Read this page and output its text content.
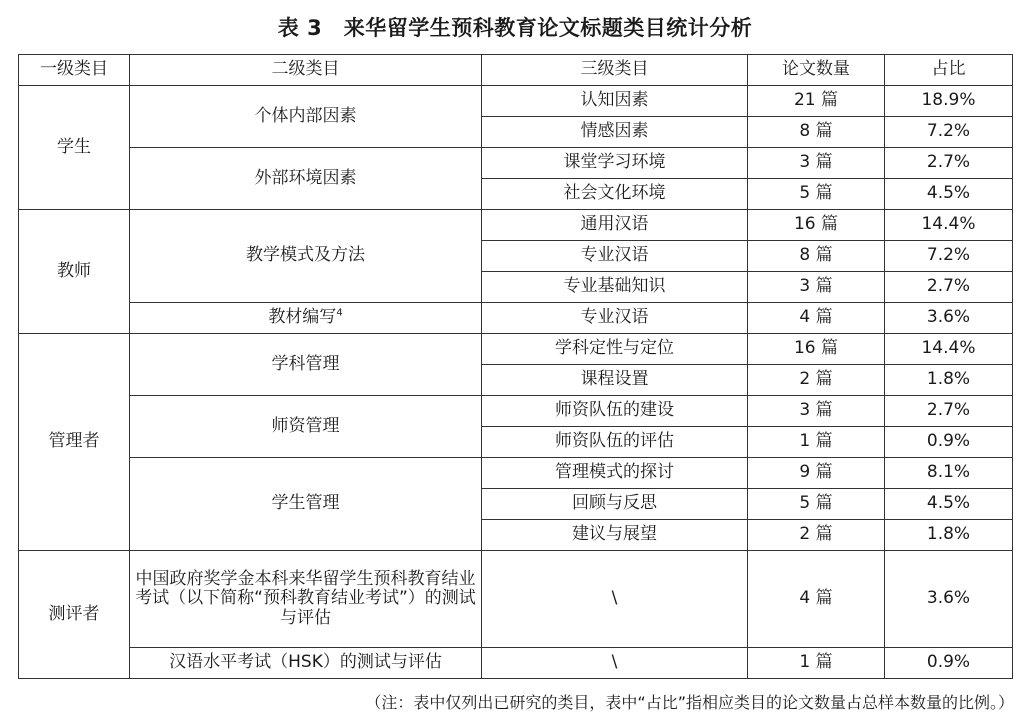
表 3　来华留学生预科教育论文标题类目统计分析
一级类目	二级类目	三级类目	论文数量	占比
学生	个体内部因素	认知因素	21 篇	18.9%
		情感因素	8 篇	7.2%
	外部环境因素	课堂学习环境	3 篇	2.7%
		社会文化环境	5 篇	4.5%
教师	教学模式及方法	通用汉语	16 篇	14.4%
		专业汉语	8 篇	7.2%
		专业基础知识	3 篇	2.7%
	教材编写$^4$	专业汉语	4 篇	3.6%
管理者	学科管理	学科定性与定位	16 篇	14.4%
		课程设置	2 篇	1.8%
	师资管理	师资队伍的建设	3 篇	2.7%
		师资队伍的评估	1 篇	0.9%
	学生管理	管理模式的探讨	9 篇	8.1%
		回顾与反思	5 篇	4.5%
		建议与展望	2 篇	1.8%
测评者	中国政府奖学金本科来华留学生预科教育结业考试（以下简称“预科教育结业考试”）的测试与评估	\	4 篇	3.6%
	汉语水平考试（HSK）的测试与评估	\	1 篇	0.9%
（注：表中仅列出已研究的类目，表中“占比”指相应类目的论文数量占总样本数量的比例。）
